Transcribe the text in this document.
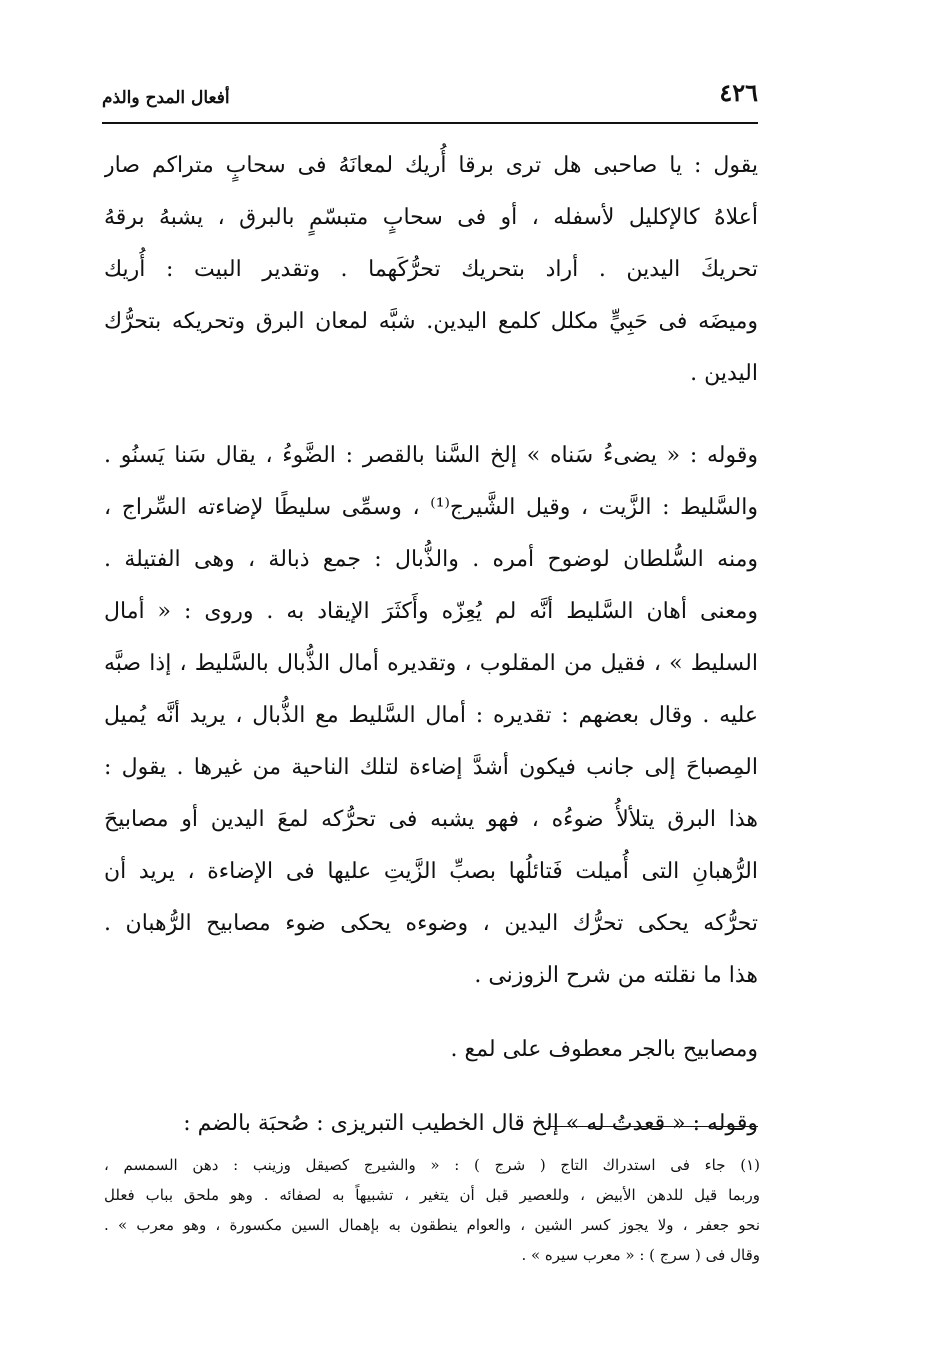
٤٢٦
أفعال المدح والذم
يقول : يا صاحبى هل ترى برقا أُريك لمعانَهُ فى سحابٍ متراكم صار
أعلاهُ كالإكليل لأسفله ، أو فى سحابٍ متبسّمٍ بالبرق ، يشبهُ برقهُ
تحريكَ اليدين . أراد بتحريك تحرُّكَهما . وتقدير البيت : أُريك
وميضَه فى حَبِيٍّ مكلل كلمع اليدين. شبَّه لمعان البرق وتحريكه بتحرُّك
اليدين .
وقوله : « يضىءُ سَناه » إلخ السَّنا بالقصر : الضَّوءُ ، يقال سَنا يَسنُو .
والسَّليط : الزَّيت ، وقيل الشَّيرج⁽¹⁾ ، وسمِّى سليطًا لإضاءته السِّراج ،
ومنه السُّلطان لوضوح أمره . والذُّبال : جمع ذبالة ، وهى الفتيلة .
ومعنى أهان السَّليط أنَّه لم يُعِزّه وأَكثَرَ الإيقاد به . وروى : « أمال
السليط » ، فقيل من المقلوب ، وتقديره أمال الذُّبال بالسَّليط ، إذا صبَّه
عليه . وقال بعضهم : تقديره : أمال السَّليط مع الذُّبال ، يريد أنَّه يُميل
المِصباحَ إلى جانب فيكون أشدَّ إضاءة لتلك الناحية من غيرها . يقول :
هذا البرق يتلألأُ ضوءُه ، فهو يشبه فى تحرُّكه لمعَ اليدين أو مصابيحَ
الرُّهبانِ التى أُميلت فَتائلُها بصبِّ الزَّيتِ عليها فى الإضاءة ، يريد أن
تحرُّكه يحكى تحرُّك اليدين ، وضوءه يحكى ضوء مصابيح الرُّهبان .
هذا ما نقلته من شرح الزوزنى .
ومصابيح بالجر معطوف على لمع .
وقوله : « قعدتُ له » إلخ قال الخطيب التبريزى : صُحبَة بالضم :
(١) جاء فى استدراك التاج ( شرج ) : « والشيرج كصيقل وزينب : دهن السمسم ،
وربما قيل للدهن الأبيض ، وللعصير قبل أن يتغير ، تشبيهاً به لصفائه . وهو ملحق بباب فعلل
نحو جعفر ، ولا يجوز كسر الشين ، والعوام ينطقون به بإهمال السين مكسورة ، وهو معرب » .
وقال فى ( سرج ) : « معرب سيره » .
